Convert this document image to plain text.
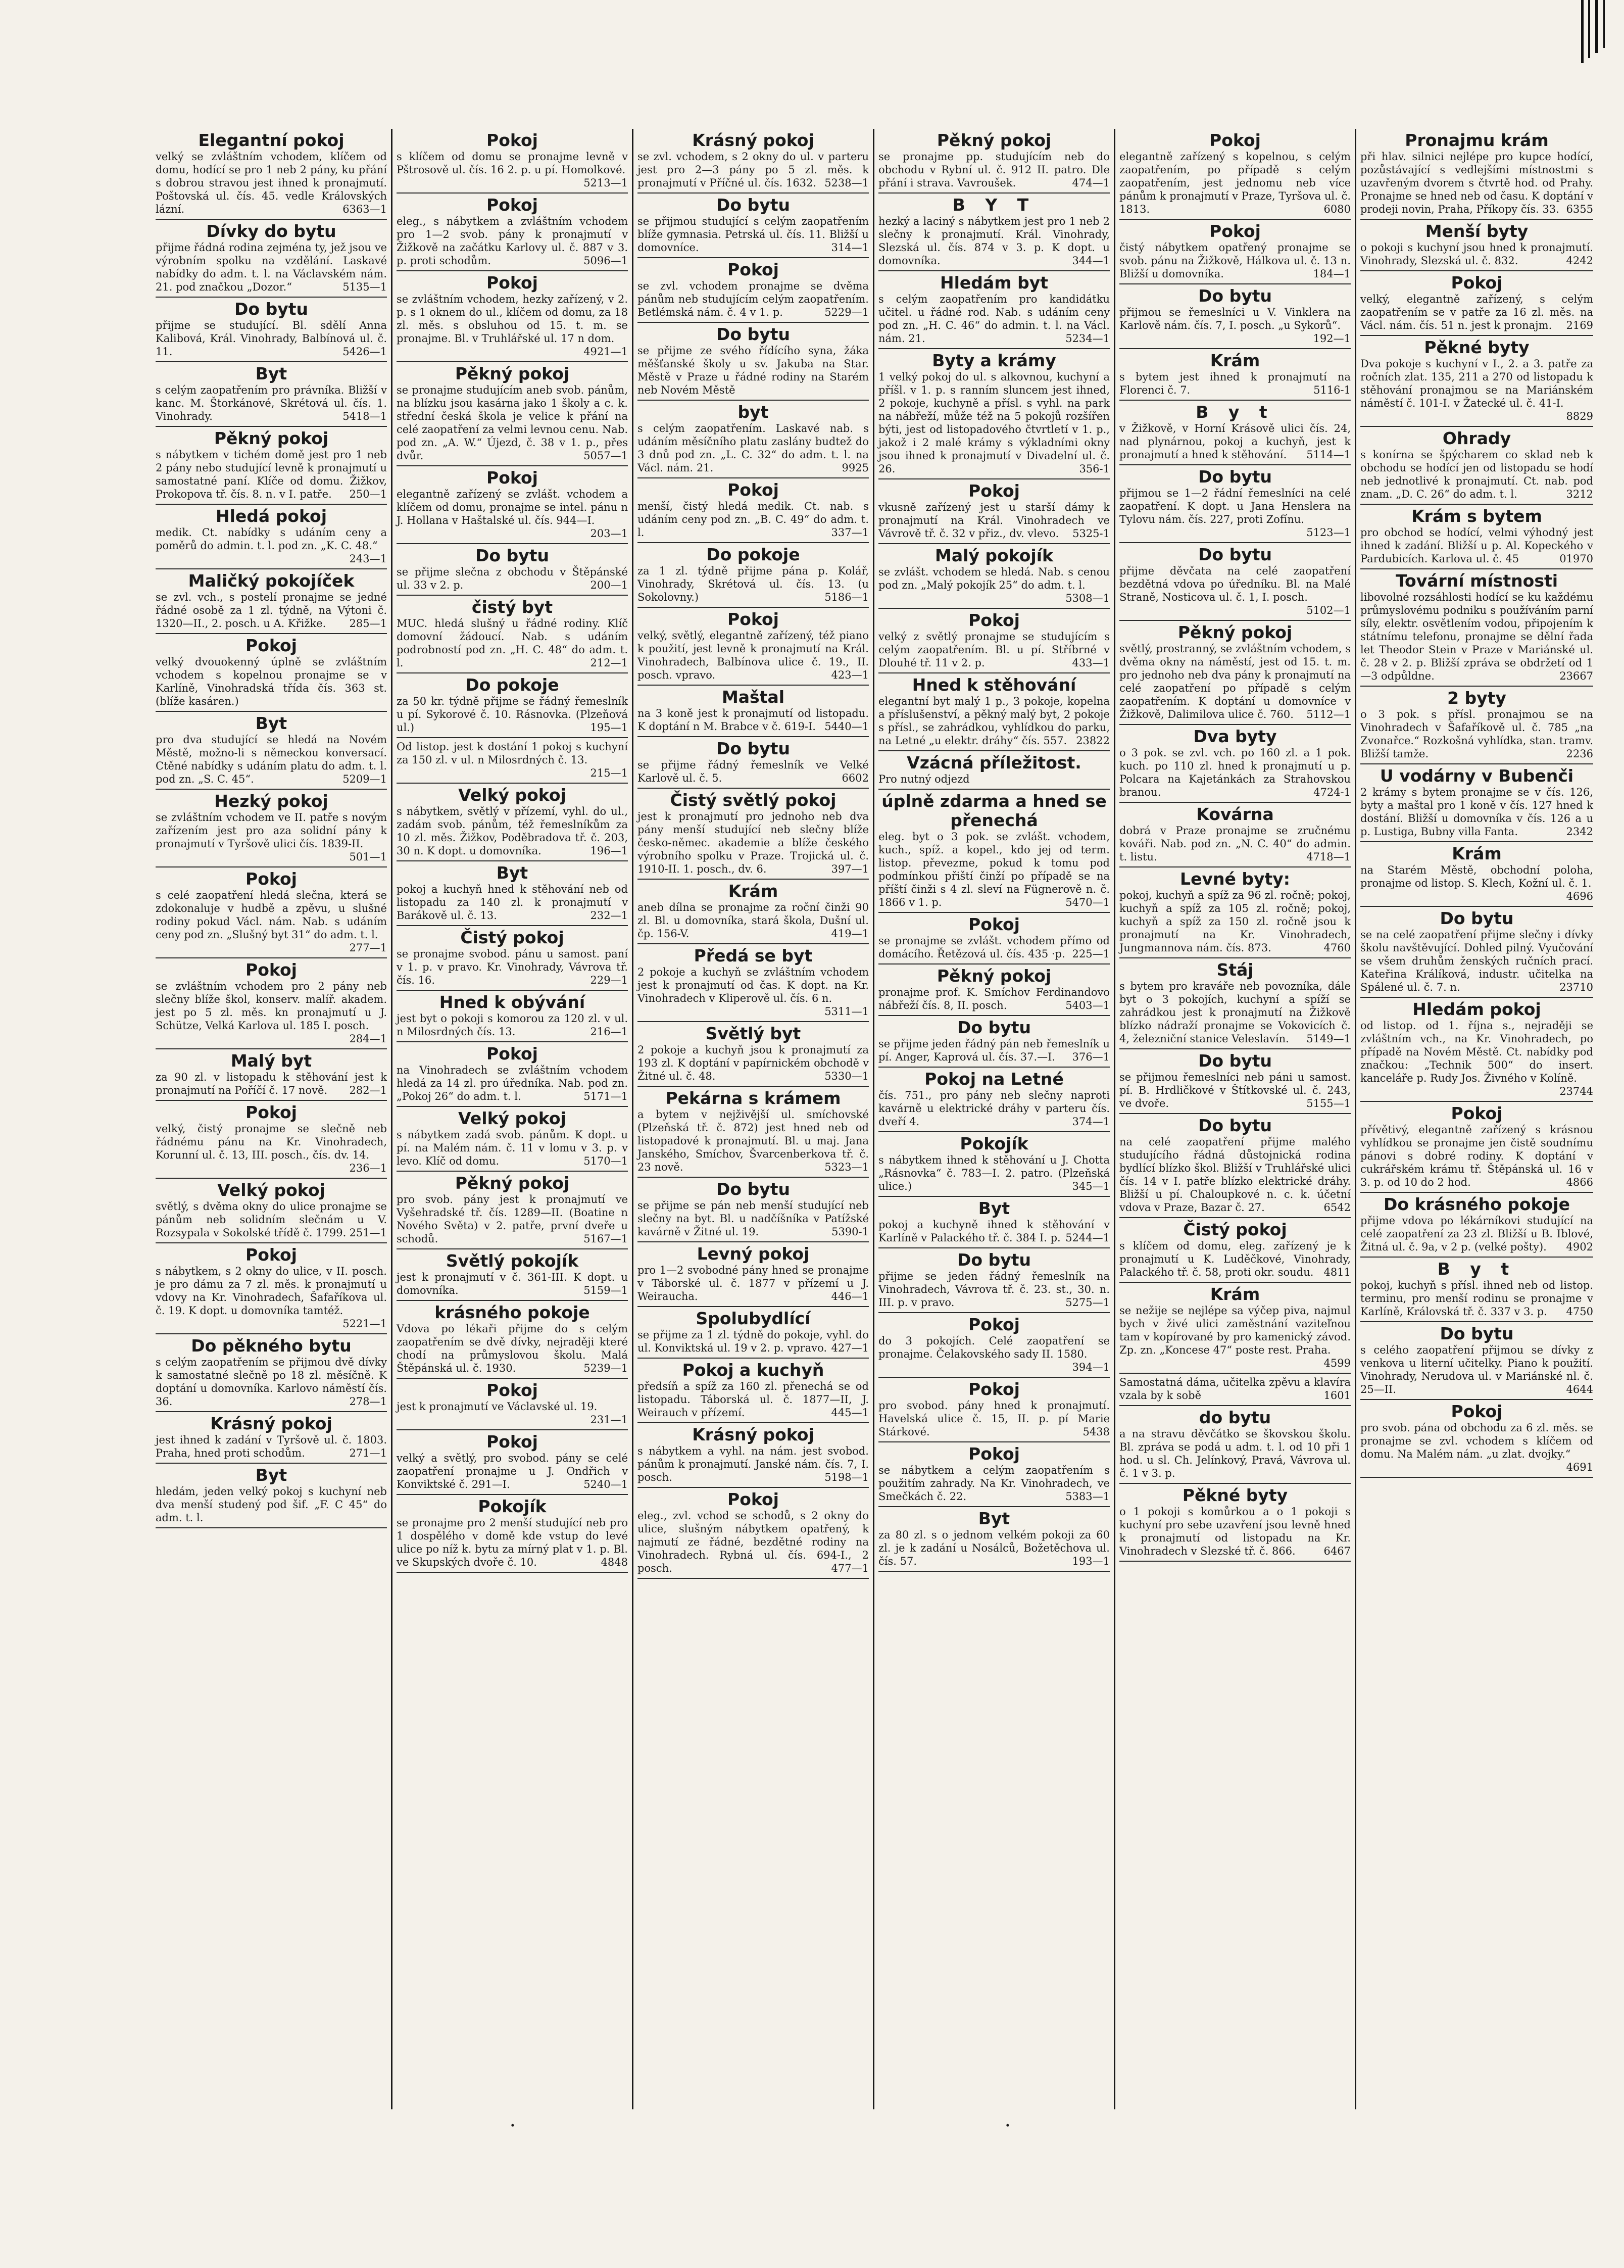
Elegantní pokoj
velký se zvláštním vchodem, klíčem od domu, hodící se pro 1 neb 2 pány, ku přání s dobrou stravou jest ihned k pronajmutí. Poštovská ul. čís. 45. vedle Královských lázní.	6363—1
Dívky do bytu
přijme řádná rodina zejména ty, jež jsou ve výrobním spolku na vzdělání. Laskavé nabídky do adm. t. l. na Václavském nám. 21. pod značkou „Dozor.“	5135—1
Do bytu
přijme se studující. Bl. sdělí Anna Kalibová, Král. Vinohrady, Balbínová ul. č. 11.	5426—1
Byt
s celým zaopatřením pro právníka. Bližší v kanc. M. Štorkánové, Skrétová ul. čís. 1. Vinohrady.	5418—1
Pěkný pokoj
s nábytkem v tichém domě jest pro 1 neb 2 pány nebo studující levně k pronajmutí u samostatné paní. Klíče od domu. Žižkov, Prokopova tř. čís. 8. n. v I. patře. 250—1
Hledá pokoj
medik. Ct. nabídky s udáním ceny a poměrů do admin. t. l. pod zn. „K. C. 48.“
243—1
Maličký pokojíček
se zvl. vch., s postelí pronajme se jedné řádné osobě za 1 zl. týdně, na Výtoni č. 1320—II., 2. posch. u A. Křižke. 285—1
Pokoj
velký dvouokenný úplně se zvláštním vchodem s kopelnou pronajme se v Karlíně, Vinohradská třída čís. 363 st. (blíže kasáren.)
Byt
pro dva studující se hledá na Novém Městě, možno-li s německou konversací. Ctěné nabídky s udáním platu do adm. t. l. pod zn. „S. C. 45“.	5209—1
Hezký pokoj
se zvláštním vchodem ve II. patře s novým zařízením jest pro aza solidní pány k pronajmutí v Tyršově ulici čís. 1839-II.
501—1
Pokoj
s celé zaopatření hledá slečna, která se zdokonaluje v hudbě a zpěvu, u slušné rodiny pokud Václ. nám. Nab. s udáním ceny pod zn. „Slušný byt 31“ do adm. t. l.
277—1
Pokoj
se zvláštním vchodem pro 2 pány neb slečny blíže škol, konserv. malíř. akadem. jest po 5 zl. měs. kn pronajmutí u J. Schütze, Velká Karlova ul. 185 I. posch.
284—1
Malý byt
za 90 zl. v listopadu k stěhování jest k pronajmutí na Poříčí č. 17 nově. 282—1
Pokoj
velký, čistý pronajme se slečně neb řádnému pánu na Kr. Vinohradech, Korunní ul. č. 13, III. posch., čís. dv. 14.
236—1
Velký pokoj
světlý, s dvěma okny do ulice pronajme se pánům neb solidním slečnám u V. Rozsypala v Sokolské třídě č. 1799. 251—1
Pokoj
s nábytkem, s 2 okny do ulice, v II. posch. je pro dámu za 7 zl. měs. k pronajmutí u vdovy na Kr. Vinohradech, Šafaříkova ul. č. 19. K dopt. u domovníka tamtéž.
5221—1
Do pěkného bytu
s celým zaopatřením se přijmou dvě dívky k samostatné slečně po 18 zl. měsíčně. K doptání u domovníka. Karlovo náměstí čís. 36.	278—1
Krásný pokoj
jest ihned k zadání v Tyršově ul. č. 1803. Praha, hned proti schodům.	271—1
Byt
hledám, jeden velký pokoj s kuchyní neb dva menší studený pod šif. „F. C 45“ do adm. t. l.
Pokoj
s klíčem od domu se pronajme levně v Pštrosově ul. čís. 16 2. p. u pí. Homolkové.
5213—1
Pokoj
eleg., s nábytkem a zvláštním vchodem pro 1—2 svob. pány k pronajmutí v Žižkově na začátku Karlovy ul. č. 887 v 3. p. proti schodům.	5096—1
Pokoj
se zvláštním vchodem, hezky zařízený, v 2. p. s 1 oknem do ul., klíčem od domu, za 18 zl. měs. s obsluhou od 15. t. m. se pronajme. Bl. v Truhlářské ul. 17 n dom.
4921—1
Pěkný pokoj
se pronajme studujícím aneb svob. pánům, na blízku jsou kasárna jako 1 školy a c. k. střední česká škola je velice k přání na celé zaopatření za velmi levnou cenu. Nab. pod zn. „A. W.“ Újezd, č. 38 v 1. p., přes dvůr.	5057—1
Pokoj
elegantně zařízený se zvlášt. vchodem a klíčem od domu, pronajme se intel. pánu n J. Hollana v Haštalské ul. čís. 944—I.
203—1
Do bytu
se přijme slečna z obchodu v Štěpánské ul. 33 v 2. p.	200—1
čistý byt
MUC. hledá slušný u řádné rodiny. Klíč domovní žádoucí. Nab. s udáním podrobností pod zn. „H. C. 48“ do adm. t. l.	212—1
Do pokoje
za 50 kr. týdně přijme se řádný řemeslník u pí. Sykorové č. 10. Rásnovka. (Plzeňová ul.)	195—1
Od listop. jest k dostání 1 pokoj s kuchyní za 150 zl. v ul. n Milosrdných č. 13.
215—1
Velký pokoj
s nábytkem, světlý v přízemí, vyhl. do ul., zadám svob. pánům, též řemeslníkům za 10 zl. měs. Žižkov, Poděbradova tř. č. 203, 30 n. K dopt. u domovníka.	196—1
Byt
pokoj a kuchyň hned k stěhování neb od listopadu za 140 zl. k pronajmutí v Barákově ul. č. 13.	232—1
Čistý pokoj
se pronajme svobod. pánu u samost. paní v 1. p. v pravo. Kr. Vinohrady, Vávrova tř. čís. 16.	229—1
Hned k obývání
jest byt o pokoji s komorou za 120 zl. v ul. n Milosrdných čís. 13.	216—1
Pokoj
na Vinohradech se zvláštním vchodem hledá za 14 zl. pro úředníka. Nab. pod zn. „Pokoj 26“ do adm. t. l.	5171—1
Velký pokoj
s nábytkem zadá svob. pánům. K dopt. u pí. na Malém nám. č. 11 v lomu v 3. p. v levo. Klíč od domu.	5170—1
Pěkný pokoj
pro svob. pány jest k pronajmutí ve Vyšehradské tř. čís. 1289—II. (Boatine n Nového Světa) v 2. patře, první dveře u schodů.	5167—1
Světlý pokojík
jest k pronajmutí v č. 361-III. K dopt. u domovníka.	5159—1
krásného pokoje
Vdova po lékaři přijme do s celým zaopatřením se dvě dívky, nejraději které chodí na průmyslovou školu. Malá Štěpánská ul. č. 1930.	5239—1
Pokoj
jest k pronajmutí ve Václavské ul. 19.
231—1
Pokoj
velký a světlý, pro svobod. pány se celé zaopatření pronajme u J. Ondřich v Konviktské č. 291—I.	5240—1
Pokojík
se pronajme pro 2 menší studující neb pro 1 dospělého v domě kde vstup do levé ulice po níž k. bytu za mírný plat v 1. p. Bl. ve Skupských dvoře č. 10.	4848
Krásný pokoj
se zvl. vchodem, s 2 okny do ul. v parteru jest pro 2—3 pány po 5 zl. měs. k pronajmutí v Příčné ul. čís. 1632. 5238—1
Do bytu
se přijmou studující s celým zaopatřením blíže gymnasia. Petrská ul. čís. 11. Bližší u domovníce.	314—1
Pokoj
se zvl. vchodem pronajme se dvěma pánům neb studujícím celým zaopatřením. Betlémská nám. č. 4 v 1. p.	5229—1
Do bytu
se přijme ze svého řídícího syna, žáka měšťanské školy u sv. Jakuba na Star. Městě v Praze u řádné rodiny na Starém neb Novém Městě
byt
s celým zaopatřením. Laskavé nab. s udáním měsíčního platu zaslány budtež do 3 dnů pod zn. „L. C. 32“ do adm. t. l. na Václ. nám. 21.	9925
Pokoj
menší, čistý hledá medik. Ct. nab. s udáním ceny pod zn. „B. C. 49“ do adm. t. l.	337—1
Do pokoje
za 1 zl. týdně přijme pána p. Kolář, Vinohrady, Skrétová ul. čís. 13. (u Sokolovny.)	5186—1
Pokoj
velký, světlý, elegantně zařízený, též piano k použití, jest levně k pronajmutí na Král. Vinohradech, Balbínova ulice č. 19., II. posch. vpravo.	423—1
Maštal
na 3 koně jest k pronajmutí od listopadu. K doptání n M. Brabce v č. 619-I. 5440—1
Do bytu
se přijme řádný řemeslník ve Velké Karlově ul. č. 5.	6602
Čistý světlý pokoj
jest k pronajmutí pro jednoho neb dva pány menší studující neb slečny blíže česko-němec. akademie a blíže českého výrobního spolku v Praze. Trojická ul. č. 1910-II. 1. posch., dv. 6.	397—1
Krám
aneb dílna se pronajme za roční činži 90 zl. Bl. u domovníka, stará škola, Dušní ul. čp. 156-V.	419—1
Předá se byt
2 pokoje a kuchyň se zvláštním vchodem jest k pronajmutí od čas. K dopt. na Kr. Vinohradech v Kliperově ul. čís. 6 n.
5311—1
Světlý byt
2 pokoje a kuchyň jsou k pronajmutí za 193 zl. K doptání v papírnickém obchodě v Žitné ul. č. 48.	5330—1
Pekárna s krámem
a bytem v nejživější ul. smíchovské (Plzeňská tř. č. 872) jest hned neb od listopadové k pronajmutí. Bl. u maj. Jana Janského, Smíchov, Švarcenberkova tř. č. 23 nově.	5323—1
Do bytu
se přijme se pán neb menší studující neb slečny na byt. Bl. u nadčíšníka v Patížské kavárně v Žitné ul. 19.	5390-1
Levný pokoj
pro 1—2 svobodné pány hned se pronajme v Táborské ul. č. 1877 v přízemí u J. Weiraucha.	446—1
Spolubydlící
se přijme za 1 zl. týdně do pokoje, vyhl. do ul. Konviktská ul. 19 v 2. p. vpravo. 427—1
Pokoj a kuchyň
předsíň a spíž za 160 zl. přenechá se od listopadu. Táborská ul. č. 1877—II, J. Weirauch v přízemí.	445—1
Krásný pokoj
s nábytkem a vyhl. na nám. jest svobod. pánům k pronajmutí. Janské nám. čís. 7, I. posch.	5198—1
Pokoj
eleg., zvl. vchod se schodů, s 2 okny do ulice, slušným nábytkem opatřený, k najmutí ze řádné, bezdětné rodiny na Vinohradech. Rybná ul. čís. 694-I., 2 posch.	477—1
Pěkný pokoj
se pronajme pp. studujícím neb do obchodu v Rybní ul. č. 912 II. patro. Dle přání i strava. Vavroušek.	474—1
B Y T
hezký a laciný s nábytkem jest pro 1 neb 2 slečny k pronajmutí. Král. Vinohrady, Slezská ul. čís. 874 v 3. p. K dopt. u domovníka.	344—1
Hledám byt
s celým zaopatřením pro kandidátku učitel. u řádné rod. Nab. s udáním ceny pod zn. „H. C. 46“ do admin. t. l. na Václ. nám. 21.	5234—1
Byty a krámy
1 velký pokoj do ul. s alkovnou, kuchyní a příšl. v 1. p. s ranním sluncem jest ihned, 2 pokoje, kuchyně a přísl. s vyhl. na park na nábřeží, může též na 5 pokojů rozšířen býti, jest od listopadového čtvrtletí v 1. p., jakož i 2 malé krámy s výkladními okny jsou ihned k pronajmutí v Divadelní ul. č. 26.	356-1
Pokoj
vkusně zařízený jest u starší dámy k pronajmutí na Král. Vinohradech ve Vávrově tř. č. 32 v přiz., dv. vlevo. 5325-1
Malý pokojík
se zvlášt. vchodem se hledá. Nab. s cenou pod zn. „Malý pokojík 25“ do adm. t. l.
5308—1
Pokoj
velký z světlý pronajme se studujícím s celým zaopatřením. Bl. u pí. Stříbrné v Dlouhé tř. 11 v 2. p.	433—1
Hned k stěhování
elegantní byt malý 1 p., 3 pokoje, kopelna a příslušenství, a pěkný malý byt, 2 pokoje s přísl., se zahrádkou, vyhlídkou do parku, na Letné „u elektr. dráhy“ čís. 557. 23822
Vzácná příležitost.
Pro nutný odjezd
úplně zdarma a hned se přenechá
eleg. byt o 3 pok. se zvlášt. vchodem, kuch., spíž. a kopel., kdo jej od term. listop. převezme, pokud k tomu pod podmínkou přiští činží po případě se na příští činži s 4 zl. sleví na Fügnerově n. č. 1866 v 1. p.	5470—1
Pokoj
se pronajme se zvlášt. vchodem přímo od domácího. Řetězová ul. čís. 435 ·p. 225—1
Pěkný pokoj
pronajme prof. K. Smíchov Ferdinandovo nábřeží čís. 8, II. posch.	5403—1
Do bytu
se přijme jeden řádný pán neb řemeslník u pí. Anger, Kaprová ul. čís. 37.—I. 376—1
Pokoj na Letné
čís. 751., pro pány neb slečny naproti kavárně u elektrické dráhy v parteru čís. dveří 4.	374—1
Pokojík
s nábytkem ihned k stěhování u J. Chotta „Rásnovka“ č. 783—I. 2. patro. (Plzeňská ulice.)	345—1
Byt
pokoj a kuchyně ihned k stěhování v Karlíně v Palackého tř. č. 384 I. p. 5244—1
Do bytu
přijme se jeden řádný řemeslník na Vinohradech, Vávrova tř. č. 23. st., 30. n. III. p. v pravo.	5275—1
Pokoj
do 3 pokojích. Celé zaopatření se pronajme. Čelakovského sady II. 1580.
394—1
Pokoj
pro svobod. pány hned k pronajmutí. Havelská ulice č. 15, II. p. pí Marie Stárkové.	5438
Pokoj
se nábytkem a celým zaopatřením s použitím zahrady. Na Kr. Vinohradech, ve Smečkách č. 22.	5383—1
Byt
za 80 zl. s o jednom velkém pokoji za 60 zl. je k zadání u Nosálců, Božetěchova ul. čís. 57.	193—1
Pokoj
elegantně zařízený s kopelnou, s celým zaopatřením, po případě s celým zaopatřením, jest jednomu neb více pánům k pronajmutí v Praze, Tyršova ul. č. 1813.	6080
Pokoj
čistý nábytkem opatřený pronajme se svob. pánu na Žižkově, Hálkova ul. č. 13 n. Bližší u domovníka.	184—1
Do bytu
přijmou se řemeslníci u V. Vinklera na Karlově nám. čís. 7, I. posch. „u Sykorů“.
192—1
Krám
s bytem jest ihned k pronajmutí na Florenci č. 7.	5116-1
B y t
v Žižkově, v Horní Krásově ulici čís. 24, nad plynárnou, pokoj a kuchyň, jest k pronajmutí a hned k stěhování. 5114—1
Do bytu
přijmou se 1—2 řádní řemeslníci na celé zaopatření. K dopt. u Jana Henslera na Tylovu nám. čís. 227, proti Zofínu.
5123—1
Do bytu
přijme děvčata na celé zaopatření bezdětná vdova po úředníku. Bl. na Malé Straně, Nosticova ul. č. 1, I. posch.
5102—1
Pěkný pokoj
světlý, prostranný, se zvláštním vchodem, s dvěma okny na náměstí, jest od 15. t. m. pro jednoho neb dva pány k pronajmutí na celé zaopatření po případě s celým zaopatřením. K doptání u domovníce v Žižkově, Dalimilova ulice č. 760. 5112—1
Dva byty
o 3 pok. se zvl. vch. po 160 zl. a 1 pok. kuch. po 110 zl. hned k pronajmutí u p. Polcara na Kajetánkách za Strahovskou branou.	4724-1
Kovárna
dobrá v Praze pronajme se zručnému kováři. Nab. pod zn. „N. C. 40“ do admin. t. listu.	4718—1
Levné byty:
pokoj, kuchyň a spíž za 96 zl. ročně; pokoj, kuchyň a spíž za 105 zl. ročně; pokoj, kuchyň a spíž za 150 zl. ročně jsou k pronajmutí na Kr. Vinohradech, Jungmannova nám. čís. 873.	4760
Stáj
s bytem pro kraváře neb povozníka, dále byt o 3 pokojích, kuchyní a spíží se zahrádkou jest k pronajmutí na Žižkově blízko nádraží pronajme se Vokovicích č. 4, železniční stanice Veleslavín. 5149—1
Do bytu
se přijmou řemeslníci neb páni u samost. pí. B. Hrdličkové v Štítkovské ul. č. 243, ve dvoře.	5155—1
Do bytu
na celé zaopatření přijme malého studujícího řádná důstojnická rodina bydlící blízko škol. Bližší v Truhlářské ulici čís. 14 v I. patře blízko elektrické dráhy. Bližší u pí. Chaloupkové n. c. k. účetní vdova v Praze, Bazar č. 27.	6542
Čistý pokoj
s klíčem od domu, eleg. zařízený je k pronajmutí u K. Luděčkové, Vinohrady, Palackého tř. č. 58, proti okr. soudu. 4811
Krám
se nežije se nejlépe sa výčep piva, najmul bych v živé ulici zaměstnání vaziteľnou tam v kopírované by pro kamenický závod. Zp. zn. „Koncese 47“ poste rest. Praha.
4599
Samostatná dáma, učitelka zpěvu a klavíra vzala by k sobě	1601
do bytu
a na stravu děvčátko se škovskou školu. Bl. zpráva se podá u adm. t. l. od 10 při 1 hod. u sl. Ch. Jelínkový, Pravá, Vávrova ul. č. 1 v 3. p.
Pěkné byty
o 1 pokoji s komůrkou a o 1 pokoji s kuchyní pro sebe uzavření jsou levně hned k pronajmutí od listopadu na Kr. Vinohradech v Slezské tř. č. 866.	6467
Pronajmu krám
při hlav. silnici nejlépe pro kupce hodící, pozůstávající s vedlejšími místnostmi s uzavřeným dvorem s čtvrtě hod. od Prahy. Pronajme se hned neb od času. K doptání v prodeji novin, Praha, Příkopy čís. 33. 6355
Menší byty
o pokoji s kuchyní jsou hned k pronajmutí. Vinohrady, Slezská ul. č. 832.	4242
Pokoj
velký, elegantně zařízený, s celým zaopatřením se v patře za 16 zl. měs. na Václ. nám. čís. 51 n. jest k pronajm. 2169
Pěkné byty
Dva pokoje s kuchyní v I., 2. a 3. patře za ročních zlat. 135, 211 a 270 od listopadu k stěhování pronajmou se na Mariánském náměstí č. 101-I. v Žatecké ul. č. 41-I.
8829
Ohrady
s konírna se špýcharem co sklad neb k obchodu se hodící jen od listopadu se hodí neb jednotlivé k pronajmutí. Ct. nab. pod znam. „D. C. 26“ do adm. t. l.	3212
Krám s bytem
pro obchod se hodící, velmi výhodný jest ihned k zadání. Bližší u p. Al. Kopeckého v Pardubicích. Karlova ul. č. 45	01970
Tovární místnosti
libovolné rozsáhlosti hodící se ku každému průmyslovému podniku s používáním parní síly, elektr. osvětlením vodou, připojením k státnímu telefonu, pronajme se dělní řada let Theodor Stein v Praze v Mariánské ul. č. 28 v 2. p. Bližší zpráva se obdržetí od 1—3 odpůldne.	23667
2 byty
o 3 pok. s přísl. pronajmou se na Vinohradech v Šafaříkově ul. č. 785 „na Zvonařce.“ Rozkošná vyhlídka, stan. tramv. Bližší tamže.	2236
U vodárny v Bubenči
2 krámy s bytem pronajme se v čís. 126, byty a maštal pro 1 koně v čís. 127 hned k dostání. Bližší u domovníka v čís. 126 a u p. Lustiga, Bubny villa Fanta.	2342
Krám
na Starém Městě, obchodní poloha, pronajme od listop. S. Klech, Kožní ul. č. 1.
4696
Do bytu
se na celé zaopatření přijme slečny i dívky školu navštěvující. Dohled pilný. Vyučování se všem druhům ženských ručních prací. Kateřina Králíková, industr. učitelka na Spálené ul. č. 7. n.	23710
Hledám pokoj
od listop. od 1. října s., nejraději se zvláštním vch., na Kr. Vinohradech, po případě na Novém Městě. Ct. nabídky pod značkou: „Technik 500“ do insert. kanceláře p. Rudy Jos. Živného v Kolíně.
23744
Pokoj
přívětivý, elegantně zařízený s krásnou vyhlídkou se pronajme jen čistě soudnímu pánovi s dobré rodiny. K doptání v cukrářském krámu tř. Štěpánská ul. 16 v 3. p. od 10 do 2 hod.	4866
Do krásného pokoje
přijme vdova po lékárníkovi studující na celé zaopatření za 23 zl. Bližší u B. Iblové, Žitná ul. č. 9a, v 2 p. (velké pošty). 4902
B y t
pokoj, kuchyň s přísl. ihned neb od listop. terminu, pro menší rodinu se pronajme v Karlíně, Královská tř. č. 337 v 3. p. 4750
Do bytu
s celého zaopatření přijmou se dívky z venkova u literní učitelky. Piano k použití. Vinohrady, Nerudova ul. v Mariánské nl. č. 25—II.	4644
Pokoj
pro svob. pána od obchodu za 6 zl. měs. se pronajme se zvl. vchodem s klíčem od domu. Na Malém nám. „u zlat. dvojky.“
4691
·	·
